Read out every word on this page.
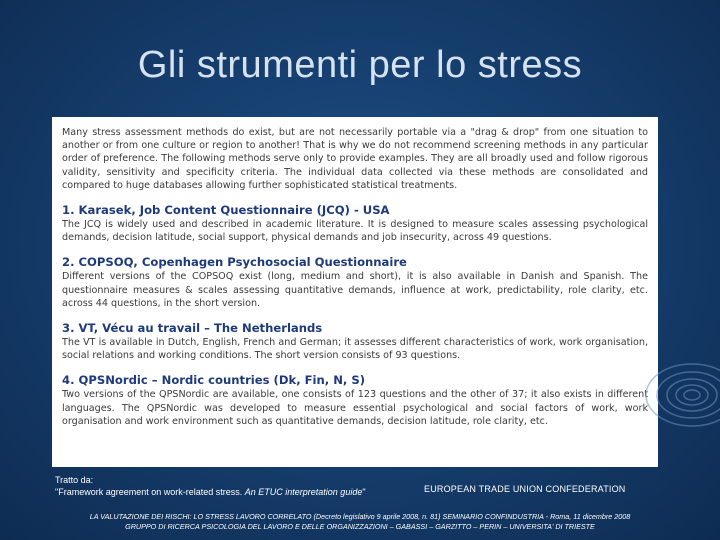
Gli strumenti per lo stress

Many stress assessment methods do exist, but are not necessarily portable via a "drag & drop" from one situation to another or from one culture or region to another! That is why we do not recommend screening methods in any particular order of preference. The following methods serve only to provide examples. They are all broadly used and follow rigorous validity, sensitivity and specificity criteria. The individual data collected via these methods are consolidated and compared to huge databases allowing further sophisticated statistical treatments.

1. Karasek, Job Content Questionnaire (JCQ) - USA

The JCQ is widely used and described in academic literature. It is designed to measure scales assessing psychological demands, decision latitude, social support, physical demands and job insecurity, across 49 questions.

2. COPSOQ, Copenhagen Psychosocial Questionnaire

Different versions of the COPSOQ exist (long, medium and short), it is also available in Danish and Spanish. The questionnaire measures & scales assessing quantitative demands, influence at work, predictability, role clarity, etc. across 44 questions, in the short version.

3. VT, Vécu au travail – The Netherlands

The VT is available in Dutch, English, French and German; it assesses different characteristics of work, work organisation, social relations and working conditions. The short version consists of 93 questions.

4. QPSNordic – Nordic countries (Dk, Fin, N, S)

Two versions of the QPSNordic are available, one consists of 123 questions and the other of 37; it also exists in different languages. The QPSNordic was developed to measure essential psychological and social factors of work, work organisation and work environment such as quantitative demands, decision latitude, role clarity, etc.

Tratto da:
"Framework agreement on work-related stress. An ETUC interpretation guide"	EUROPEAN TRADE UNION CONFEDERATION
LA VALUTAZIONE DEI RISCHI: LO STRESS LAVORO CORRELATO (Decreto legislativo 9 aprile 2008, n. 81) SEMINARIO CONFINDUSTRIA - Roma, 11 dicembre 2008
GRUPPO DI RICERCA PSICOLOGIA DEL LAVORO E DELLE ORGANIZZAZIONI – GABASSI – GARZITTO – PERIN – UNIVERSITA' DI TRIESTE
